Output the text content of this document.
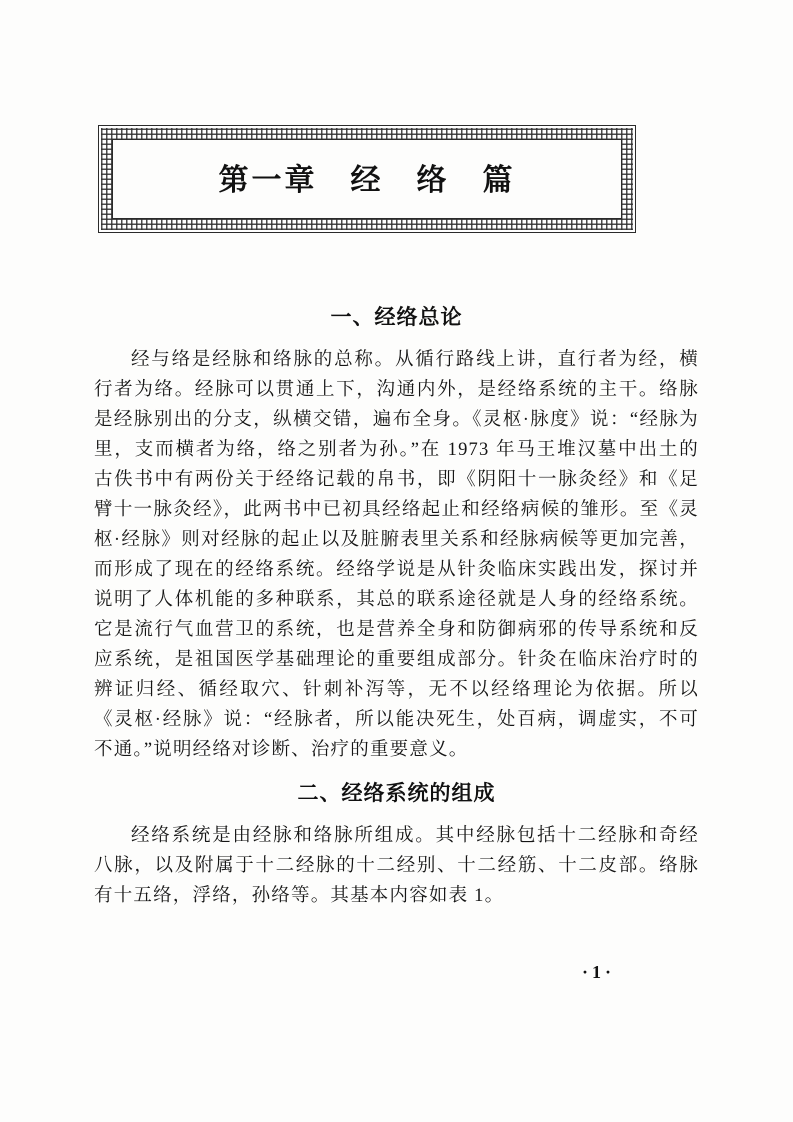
第一章　经　络　篇
一、经络总论

经与络是经脉和络脉的总称。从循行路线上讲，直行者为经，横行者为络。经脉可以贯通上下，沟通内外，是经络系统的主干。络脉是经脉别出的分支，纵横交错，遍布全身。《灵枢·脉度》说：“经脉为里，支而横者为络，络之别者为孙。”在 1973 年马王堆汉墓中出土的古佚书中有两份关于经络记载的帛书，即《阴阳十一脉灸经》和《足臂十一脉灸经》，此两书中已初具经络起止和经络病候的雏形。至《灵枢·经脉》则对经脉的起止以及脏腑表里关系和经脉病候等更加完善，而形成了现在的经络系统。经络学说是从针灸临床实践出发，探讨并说明了人体机能的多种联系，其总的联系途径就是人身的经络系统。它是流行气血营卫的系统，也是营养全身和防御病邪的传导系统和反应系统，是祖国医学基础理论的重要组成部分。针灸在临床治疗时的辨证归经、循经取穴、针刺补泻等，无不以经络理论为依据。所以《灵枢·经脉》说：“经脉者，所以能决死生，处百病，调虚实，不可不通。”说明经络对诊断、治疗的重要意义。

二、经络系统的组成

经络系统是由经脉和络脉所组成。其中经脉包括十二经脉和奇经八脉，以及附属于十二经脉的十二经别、十二经筋、十二皮部。络脉有十五络，浮络，孙络等。其基本内容如表 1。

·1·
